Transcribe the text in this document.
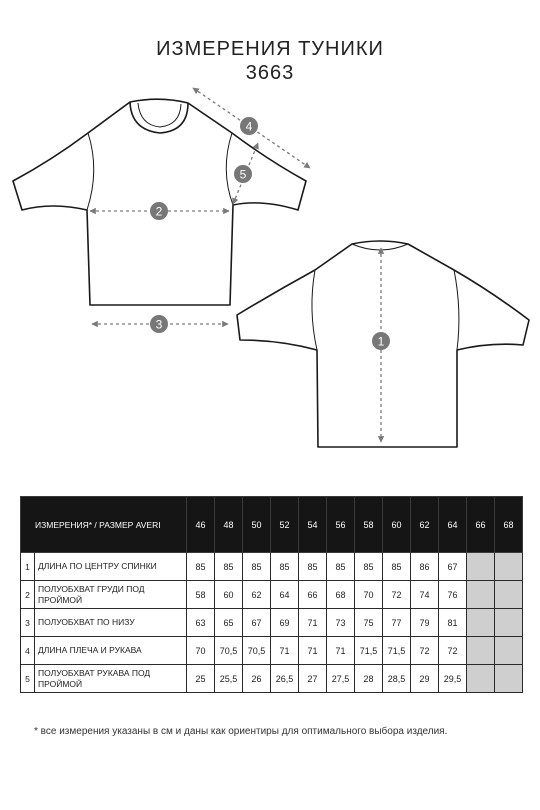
ИЗМЕРЕНИЯ ТУНИКИ
3663
2
3
4
5
1
ИЗМЕРЕНИЯ* / РАЗМЕР AVERI		46	48	50	52	54	56	58	60	62	64	66	68
1	ДЛИНА ПО ЦЕНТРУ СПИНКИ	85	85	85	85	85	85	85	85	86	67		
2	ПОЛУОБХВАТ ГРУДИ ПОД ПРОЙМОЙ	58	60	62	64	66	68	70	72	74	76		
3	ПОЛУОБХВАТ ПО НИЗУ	63	65	67	69	71	73	75	77	79	81		
4	ДЛИНА ПЛЕЧА И РУКАВА	70	70,5	70,5	71	71	71	71,5	71,5	72	72		
5	ПОЛУОБХВАТ РУКАВА ПОД ПРОЙМОЙ	25	25,5	26	26,5	27	27,5	28	28,5	29	29,5		
* все измерения указаны в см и даны как ориентиры для оптимального выбора изделия.
